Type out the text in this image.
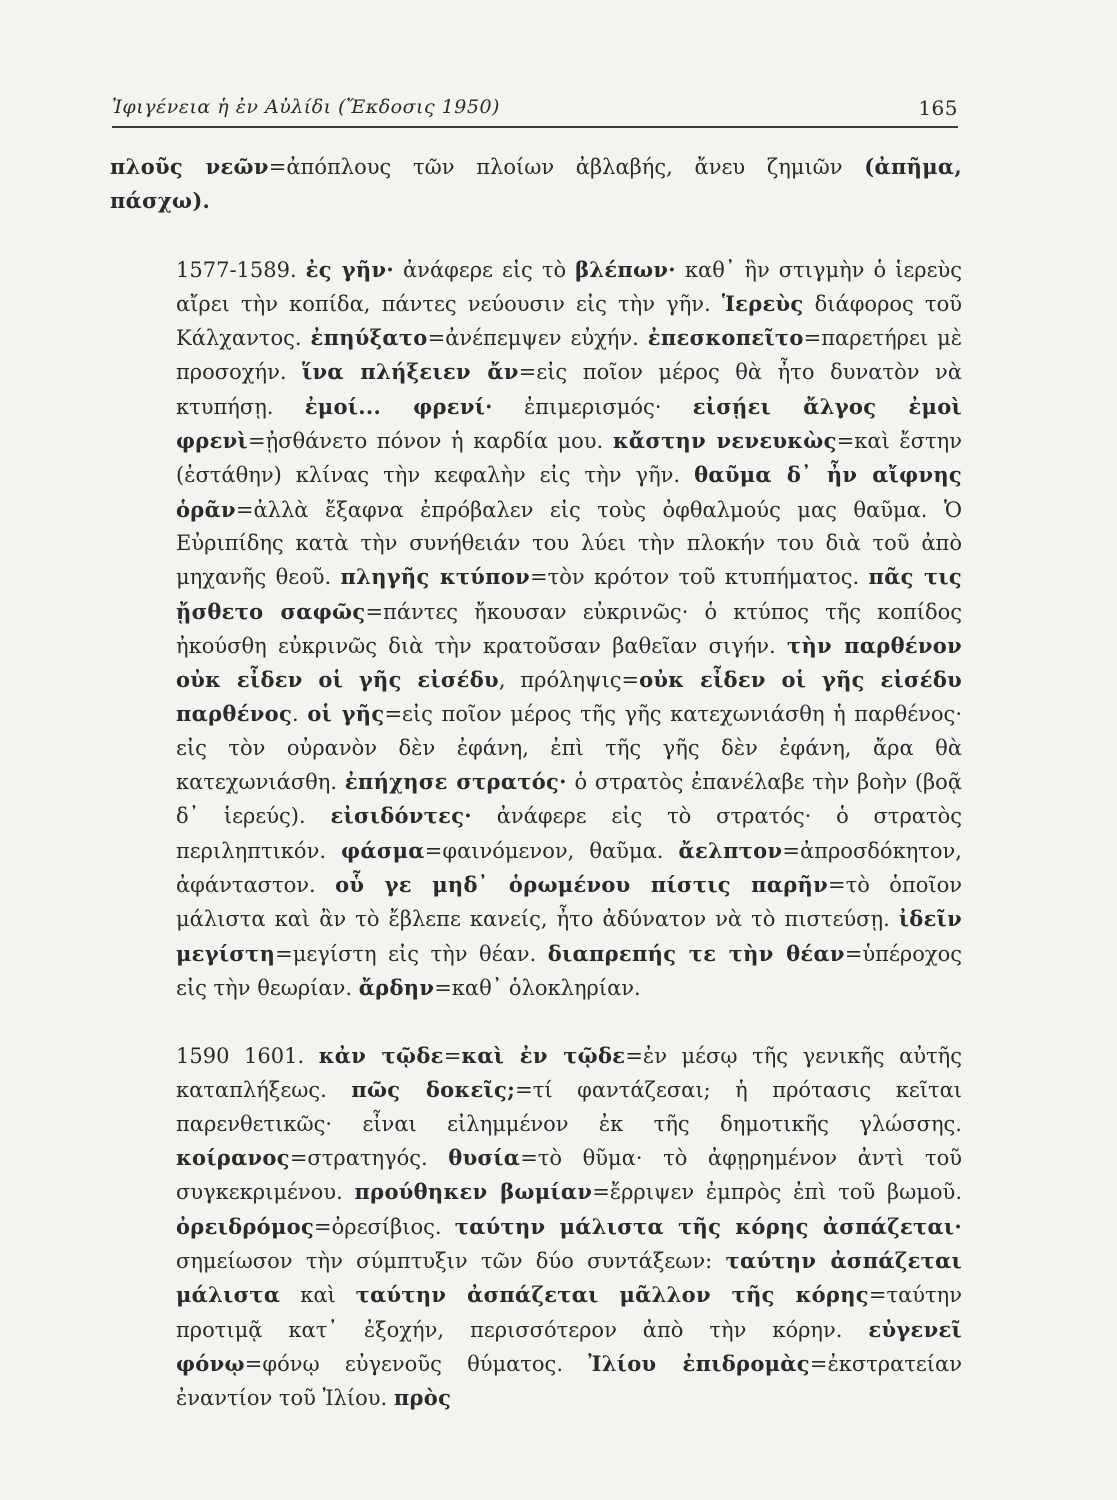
Ἰφιγένεια ἡ ἐν Αὐλίδι (Ἔκδοσις 1950)	165

πλοῦς νεῶν=ἀπόπλους τῶν πλοίων ἀβλαβής, ἄνευ ζημιῶν (ἀπῆμα, πάσχω).

1577-1589. ἐς γῆν· ἀνάφερε εἰς τὸ βλέπων· καθ᾽ ἣν στιγμὴν ὁ ἱερεὺς αἴρει τὴν κοπίδα, πάντες νεύουσιν εἰς τὴν γῆν. Ἱερεὺς διάφορος τοῦ Κάλχαντος. ἐπηύξατο=ἀνέπεμψεν εὐχήν. ἐπεσκοπεῖτο=παρετήρει μὲ προσοχήν. ἵνα πλήξειεν ἄν=εἰς ποῖον μέρος θὰ ἦτο δυνατὸν νὰ κτυπήσῃ. ἐμοί... φρενί· ἐπιμερισμός· εἰσῄει ἄλγος ἐμοὶ φρενὶ=ᾐσθάνετο πόνον ἡ καρδία μου. κἄστην νενευκὼς=καὶ ἔστην (ἐστάθην) κλίνας τὴν κεφαλὴν εἰς τὴν γῆν. θαῦμα δ᾽ ἦν αἴφνης ὁρᾶν=ἀλλὰ ἔξαφνα ἐπρόβαλεν εἰς τοὺς ὀφθαλμούς μας θαῦμα. Ὁ Εὐριπίδης κατὰ τὴν συνήθειάν του λύει τὴν πλοκήν του διὰ τοῦ ἀπὸ μηχανῆς θεοῦ. πληγῆς κτύπον=τὸν κρότον τοῦ κτυπήματος. πᾶς τις ᾔσθετο σαφῶς=πάντες ἤκουσαν εὐκρινῶς· ὁ κτύπος τῆς κοπίδος ἠκούσθη εὐκρινῶς διὰ τὴν κρατοῦσαν βαθεῖαν σιγήν. τὴν παρθένον οὐκ εἶδεν οἱ γῆς εἰσέδυ, πρόληψις=οὐκ εἶδεν οἱ γῆς εἰσέδυ παρθένος. οἱ γῆς=εἰς ποῖον μέρος τῆς γῆς κατεχωνιάσθη ἡ παρθένος· εἰς τὸν οὐρανὸν δὲν ἐφάνη, ἐπὶ τῆς γῆς δὲν ἐφάνη, ἄρα θὰ κατεχωνιάσθη. ἐπήχησε στρατός· ὁ στρατὸς ἐπανέλαβε τὴν βοὴν (βοᾷ δ᾽ ἱερεύς). εἰσιδόντες· ἀνάφερε εἰς τὸ στρατός· ὁ στρατὸς περιληπτικόν. φάσμα=φαινόμενον, θαῦμα. ἄελπτον=ἀπροσδόκητον, ἀφάνταστον. οὗ γε μηδ᾽ ὁρωμένου πίστις παρῆν=τὸ ὁποῖον μάλιστα καὶ ἂν τὸ ἔβλεπε κανείς, ἦτο ἀδύνατον νὰ τὸ πιστεύσῃ. ἰδεῖν μεγίστη=μεγίστη εἰς τὴν θέαν. διαπρεπής τε τὴν θέαν=ὑπέροχος εἰς τὴν θεωρίαν. ἄρδην=καθ᾽ ὁλοκληρίαν.

1590 1601. κἀν τῷδε=καὶ ἐν τῷδε=ἐν μέσῳ τῆς γενικῆς αὐτῆς καταπλήξεως. πῶς δοκεῖς;=τί φαντάζεσαι; ἡ πρότασις κεῖται παρενθετικῶς· εἶναι εἰλημμένον ἐκ τῆς δημοτικῆς γλώσσης. κοίρανος=στρατηγός. θυσία=τὸ θῦμα· τὸ ἀφῃρημένον ἀντὶ τοῦ συγκεκριμένου. προύθηκεν βωμίαν=ἔρριψεν ἐμπρὸς ἐπὶ τοῦ βωμοῦ. ὀρειδρόμος=ὀρεσίβιος. ταύτην μάλιστα τῆς κόρης ἀσπάζεται· σημείωσον τὴν σύμπτυξιν τῶν δύο συντάξεων: ταύτην ἀσπάζεται μάλιστα καὶ ταύτην ἀσπάζεται μᾶλλον τῆς κόρης=ταύτην προτιμᾷ κατ᾽ ἐξοχήν, περισσότερον ἀπὸ τὴν κόρην. εὐγενεῖ φόνῳ=φόνῳ εὐγενοῦς θύματος. Ἰλίου ἐπιδρομὰς=ἐκστρατείαν ἐναντίον τοῦ Ἰλίου. πρὸς
